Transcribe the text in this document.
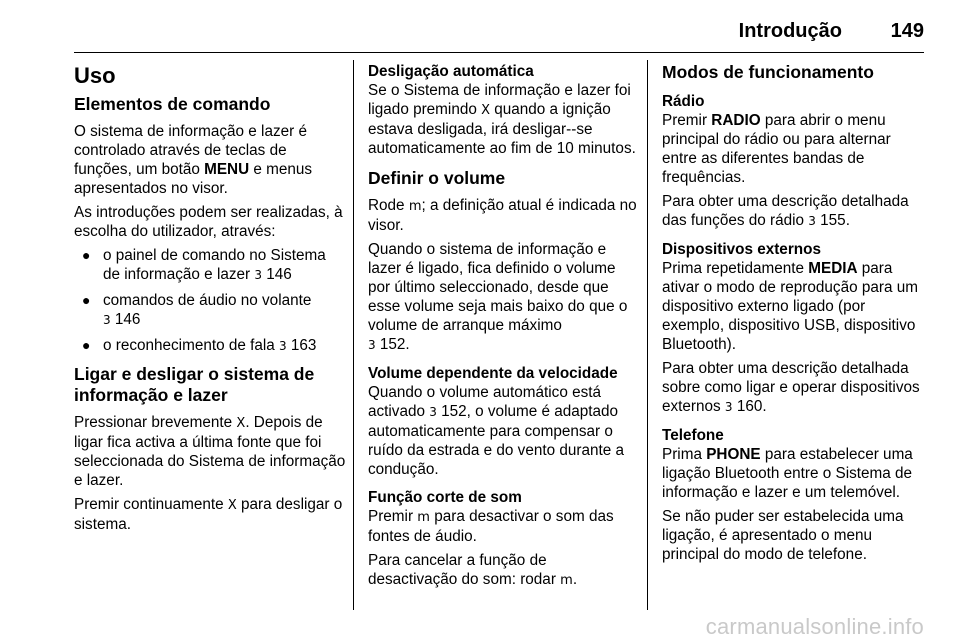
Introdução 149
Uso
Elementos de comando

O sistema de informação e lazer é controlado através de teclas de funções, um botão MENU e menus apresentados no visor.

As introduções podem ser realizadas, à escolha do utilizador, através:

● o painel de comando no Sistema de informação e lazer 3 146
● comandos de áudio no volante
3 146
● o reconhecimento de fala 3 163
Ligar e desligar o sistema de informação e lazer

Pressionar brevemente X. Depois de ligar fica activa a última fonte que foi seleccionada do Sistema de informação e lazer.

Premir continuamente X para desligar o sistema.

Desligação automática

Se o Sistema de informação e lazer foi ligado premindo X quando a ignição estava desligada, irá desligar--se automaticamente ao fim de 10 minutos.

Definir o volume

Rode m; a definição atual é indicada no visor.

Quando o sistema de informação e lazer é ligado, fica definido o volume por último seleccionado, desde que esse volume seja mais baixo do que o volume de arranque máximo
3 152.

Volume dependente da velocidade

Quando o volume automático está activado 3 152, o volume é adaptado automaticamente para compensar o ruído da estrada e do vento durante a condução.

Função corte de som

Premir m para desactivar o som das fontes de áudio.

Para cancelar a função de desactivação do som: rodar m.

Modos de funcionamento
Rádio

Premir RADIO para abrir o menu principal do rádio ou para alternar entre as diferentes bandas de frequências.

Para obter uma descrição detalhada das funções do rádio 3 155.

Dispositivos externos

Prima repetidamente MEDIA para ativar o modo de reprodução para um dispositivo externo ligado (por exemplo, dispositivo USB, dispositivo Bluetooth).

Para obter uma descrição detalhada sobre como ligar e operar dispositivos externos 3 160.

Telefone

Prima PHONE para estabelecer uma ligação Bluetooth entre o Sistema de informação e lazer e um telemóvel.

Se não puder ser estabelecida uma ligação, é apresentado o menu principal do modo de telefone.

carmanualsonline.info
